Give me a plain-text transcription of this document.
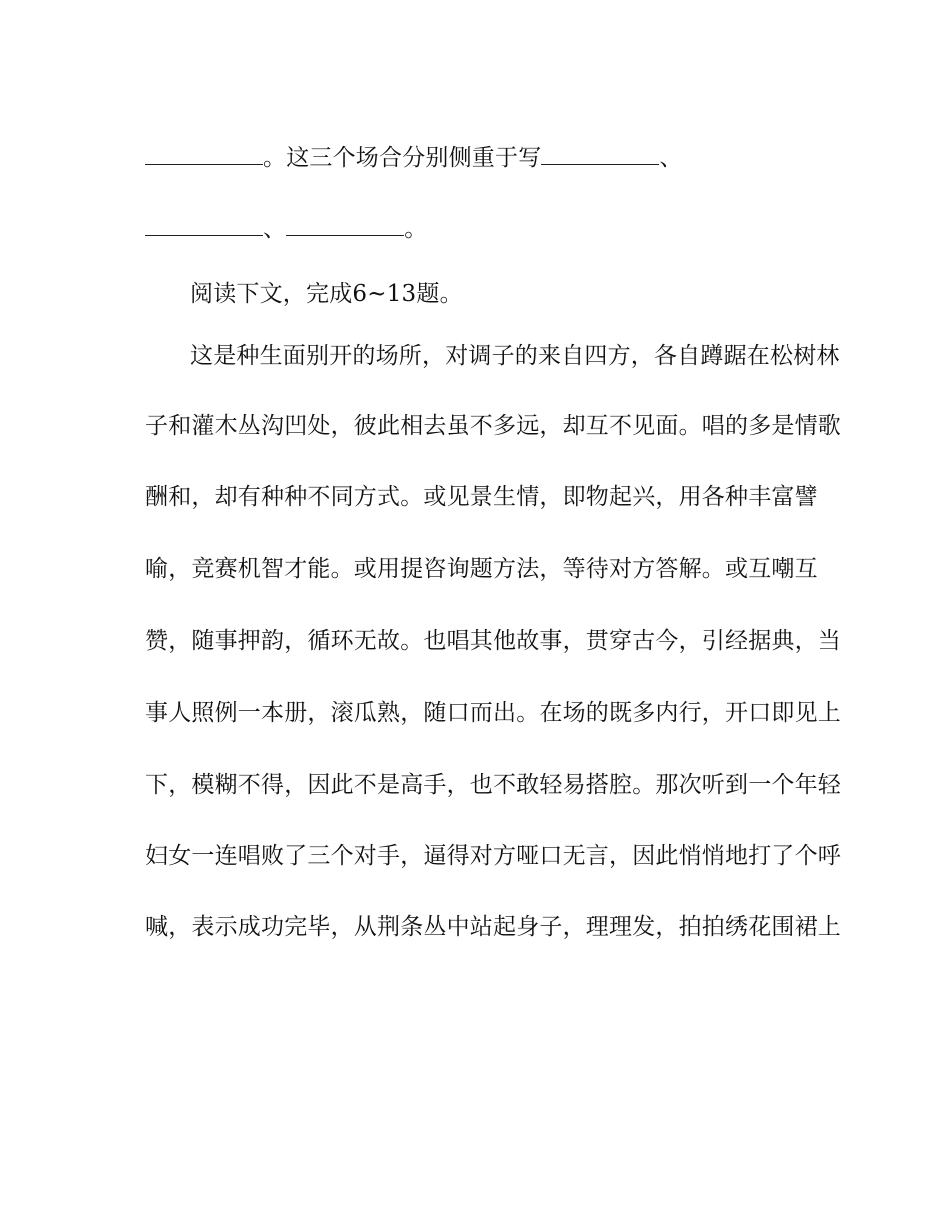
。这三个场合分别侧重于写	、
、	。
阅读下文，完成6~13题。
这是种生面别开的场所，对调子的来自四方，各自蹲踞在松树林
子和灌木丛沟凹处，彼此相去虽不多远，却互不见面。唱的多是情歌
酬和，却有种种不同方式。或见景生情，即物起兴，用各种丰富譬
喻，竞赛机智才能。或用提咨询题方法，等待对方答解。或互嘲互
赞，随事押韵，循环无故。也唱其他故事，贯穿古今，引经据典，当
事人照例一本册，滚瓜熟，随口而出。在场的既多内行，开口即见上
下，模糊不得，因此不是高手，也不敢轻易搭腔。那次听到一个年轻
妇女一连唱败了三个对手，逼得对方哑口无言，因此悄悄地打了个呼
喊，表示成功完毕，从荆条丛中站起身子，理理发，拍拍绣花围裙上
